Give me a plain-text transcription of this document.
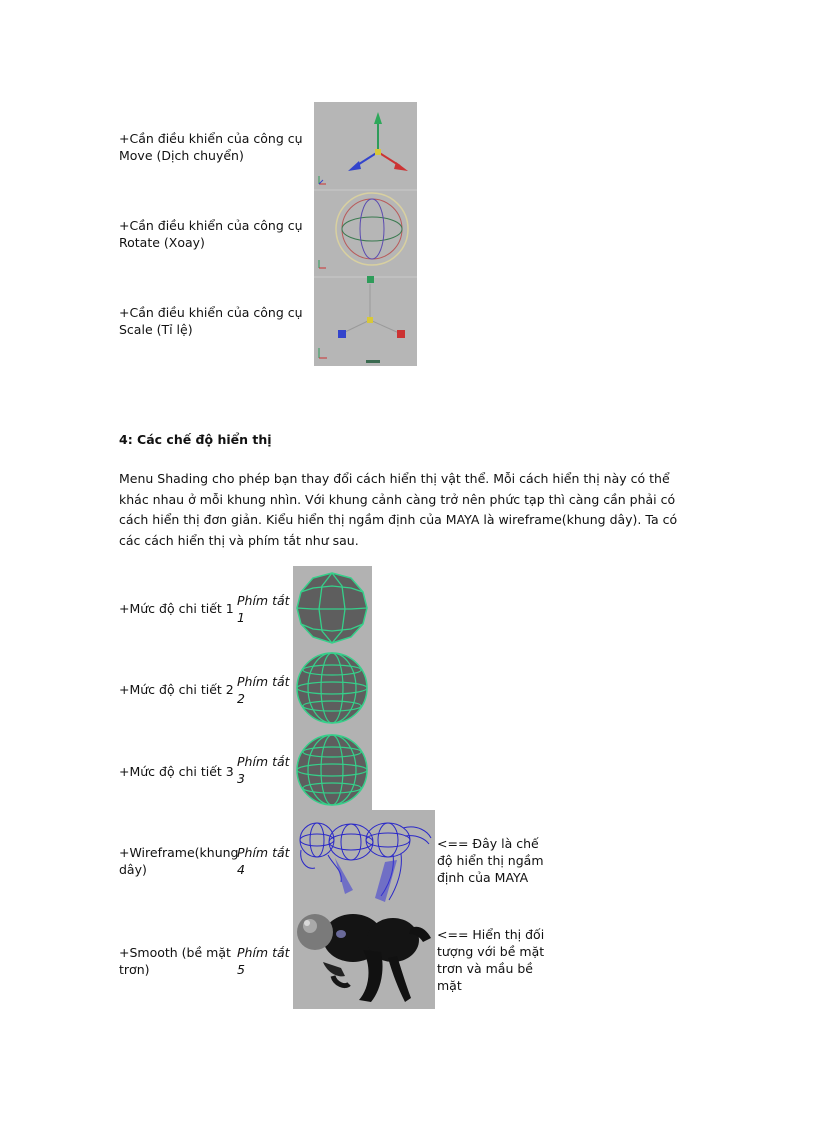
+Cần điều khiển của công cụ Move (Dịch chuyển)
+Cần điều khiển của công cụ Rotate (Xoay)
+Cần điều khiển của công cụ Scale (Tỉ lệ)
4: Các chế độ hiển thị
Menu Shading cho phép bạn thay đổi cách hiển thị vật thể. Mỗi cách hiển thị này có thể khác nhau ở mỗi khung nhìn. Với khung cảnh càng trở nên phức tạp thì càng cần phải có cách hiển thị đơn giản. Kiểu hiển thị ngầm định của MAYA là wireframe(khung dây). Ta có các cách hiển thị và phím tắt như sau.
+Mức độ chi tiết 1
Phím tắt 1
+Mức độ chi tiết 2
Phím tắt 2
+Mức độ chi tiết 3
Phím tắt 3
+Wireframe(khung dây)
Phím tắt 4
<== Đây là chế độ hiển thị ngầm định của MAYA
+Smooth (bề mặt trơn)
Phím tắt 5
<== Hiển thị đối tượng với bề mặt trơn và mầu bề mặt
